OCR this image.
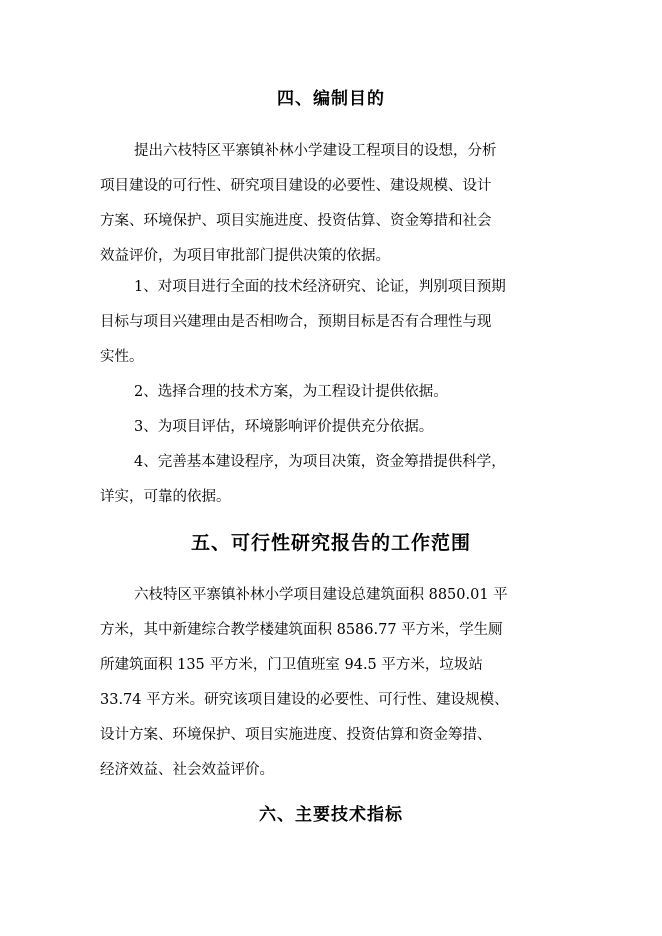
四、编制目的
提出六枝特区平寨镇补林小学建设工程项目的设想，分析
项目建设的可行性、研究项目建设的必要性、建设规模、设计
方案、环境保护、项目实施进度、投资估算、资金筹措和社会
效益评价，为项目审批部门提供决策的依据。
1、对项目进行全面的技术经济研究、论证，判别项目预期
目标与项目兴建理由是否相吻合，预期目标是否有合理性与现
实性。
2、选择合理的技术方案，为工程设计提供依据。
3、为项目评估，环境影响评价提供充分依据。
4、完善基本建设程序，为项目决策，资金筹措提供科学，
详实，可靠的依据。
五、可行性研究报告的工作范围
六枝特区平寨镇补林小学项目建设总建筑面积 8850.01 平
方米，其中新建综合教学楼建筑面积 8586.77 平方米，学生厕
所建筑面积 135 平方米，门卫值班室 94.5 平方米，垃圾站
33.74 平方米。研究该项目建设的必要性、可行性、建设规模、
设计方案、环境保护、项目实施进度、投资估算和资金筹措、
经济效益、社会效益评价。
六、主要技术指标
